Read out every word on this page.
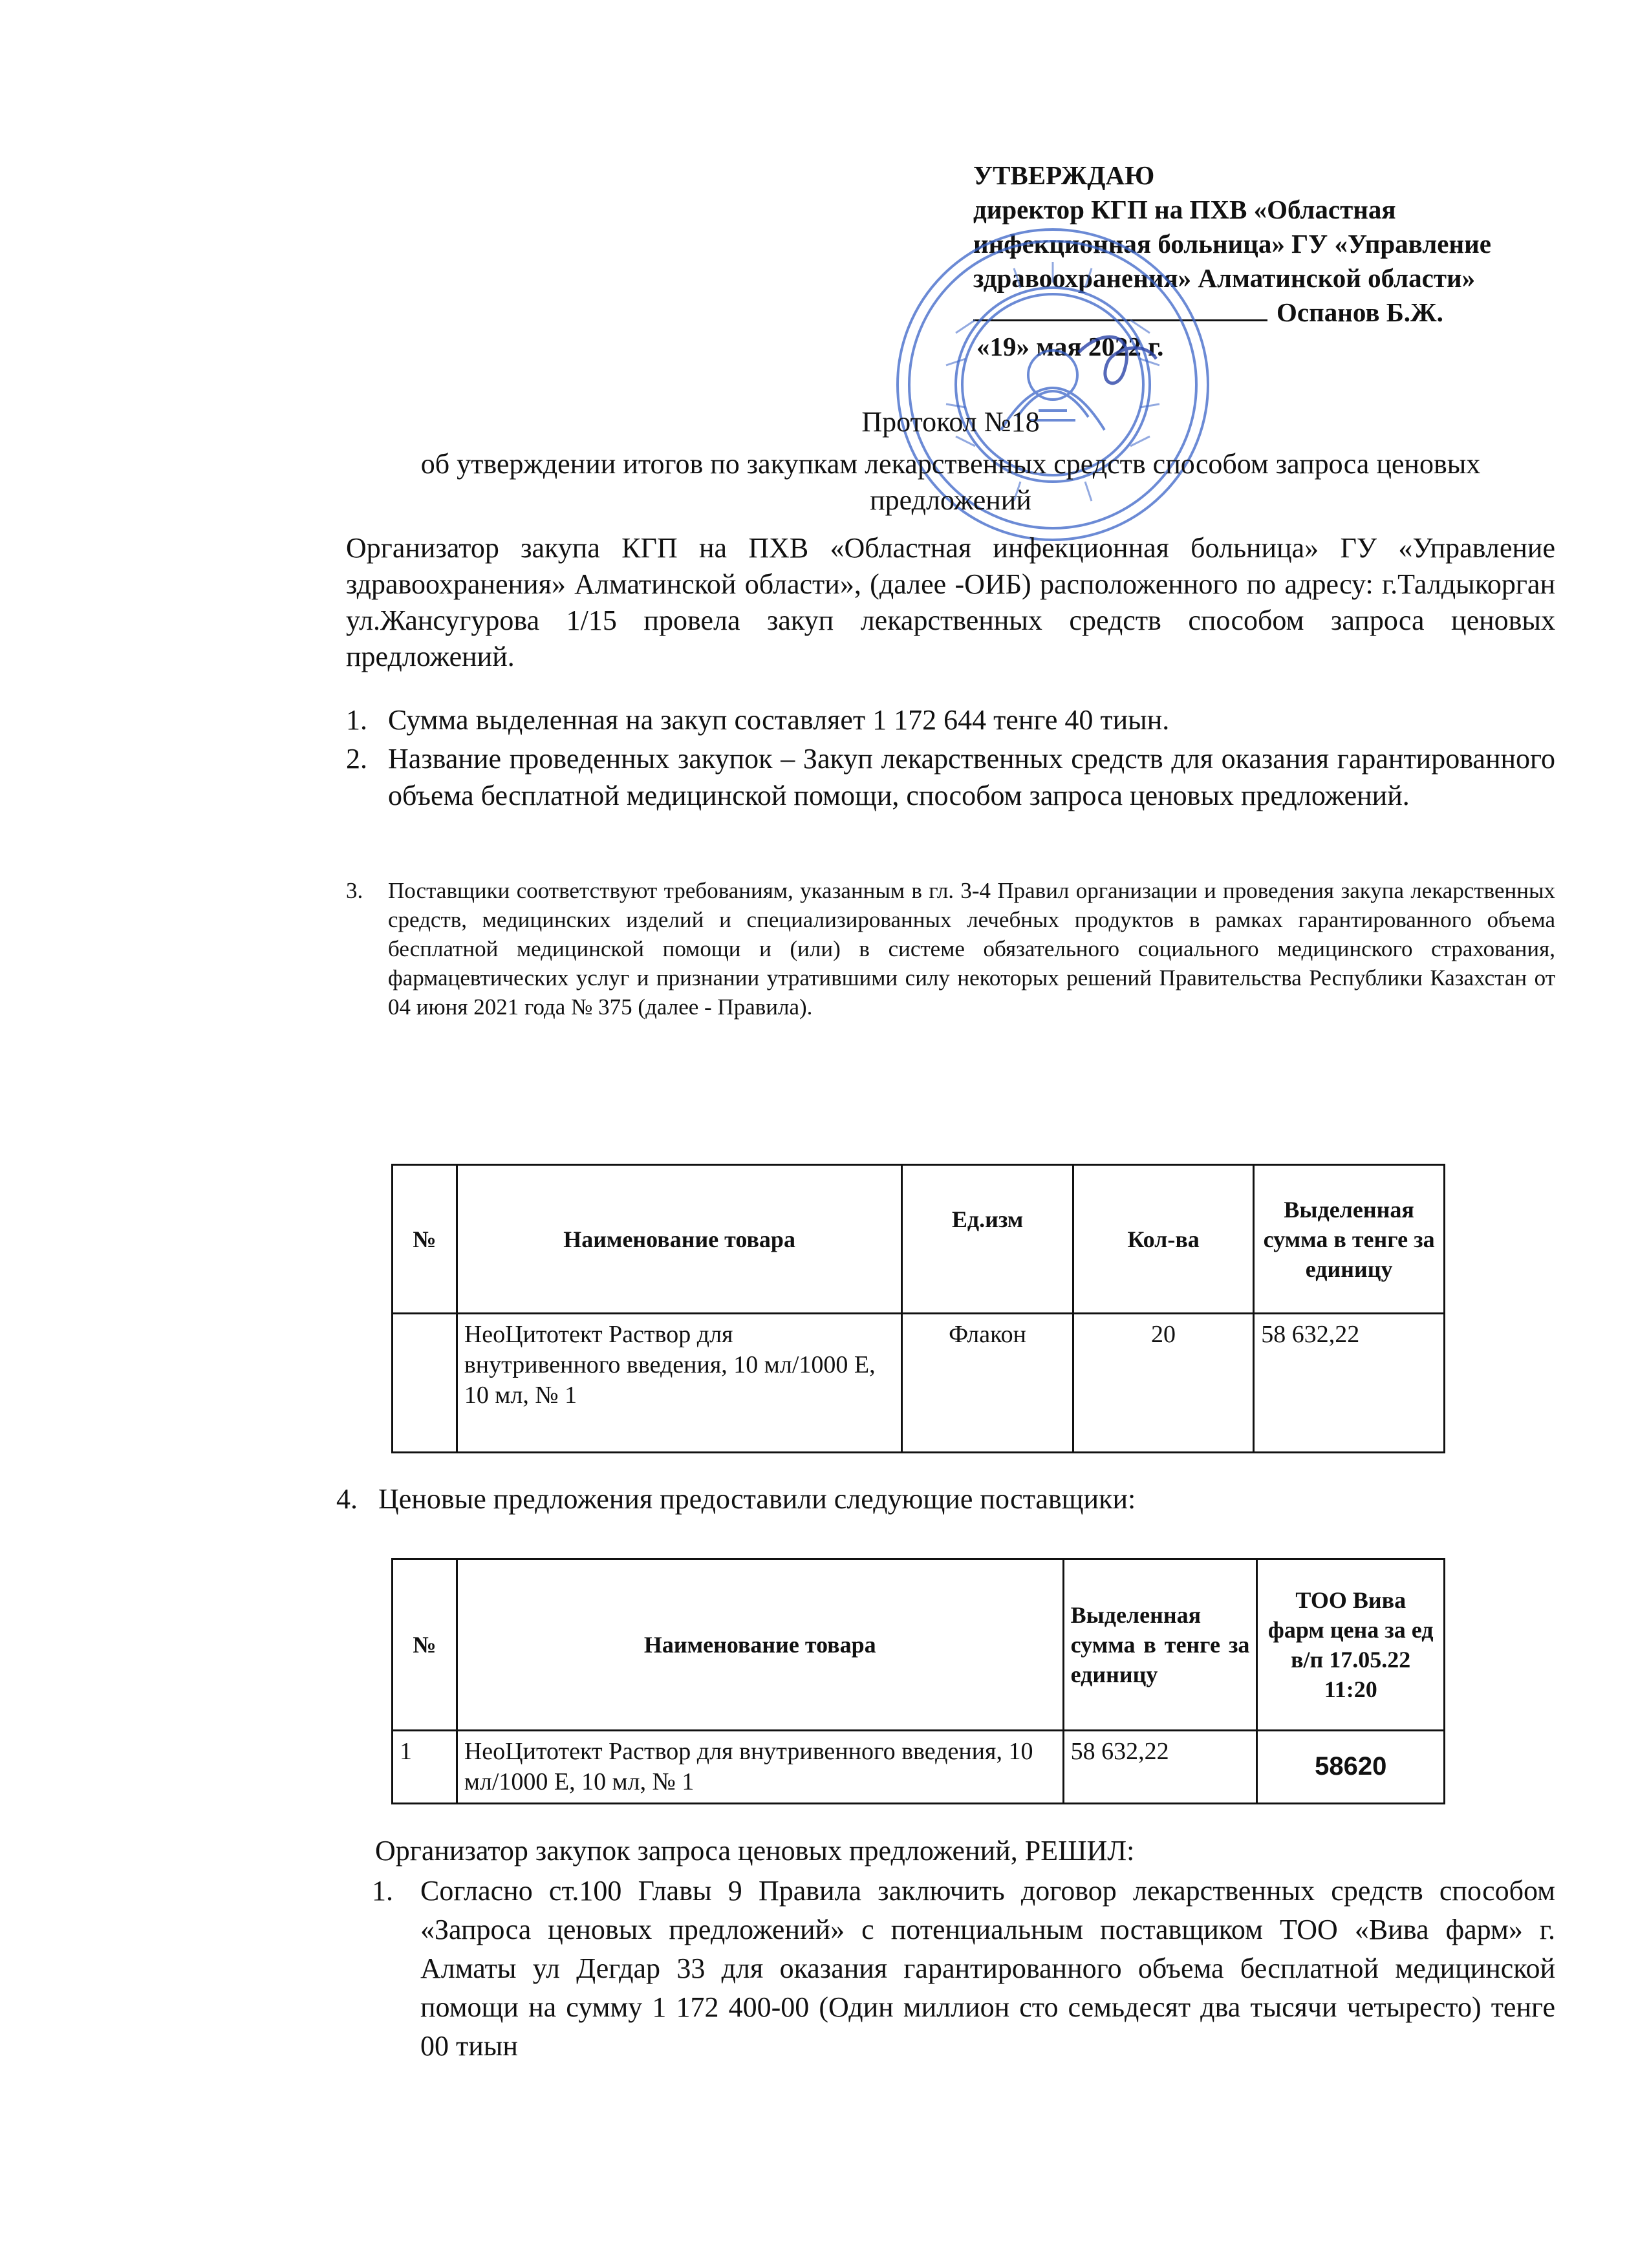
УТВЕРЖДАЮ
директор КГП на ПХВ «Областная
инфекционная больница» ГУ «Управление
здравоохранения» Алматинской области»
Оспанов Б.Ж.
«19» мая 2022 г.
Протокол №18
об утверждении итогов по закупкам лекарственных средств способом запроса ценовых
предложений
Организатор закупа КГП на ПХВ «Областная инфекционная больница» ГУ «Управление здравоохранения» Алматинской области», (далее -ОИБ) расположенного по адресу: г.Талдыкорган ул.Жансугурова 1/15 провела закуп лекарственных средств способом запроса ценовых предложений.
1. Сумма выделенная на закуп составляет 1 172 644 тенге 40 тиын.
2. Название проведенных закупок – Закуп лекарственных средств для оказания гарантированного объема бесплатной медицинской помощи, способом запроса ценовых предложений.
3. Поставщики соответствуют требованиям, указанным в гл. 3-4 Правил организации и проведения закупа лекарственных средств, медицинских изделий и специализированных лечебных продуктов в рамках гарантированного объема бесплатной медицинской помощи и (или) в системе обязательного социального медицинского страхования, фармацевтических услуг и признании утратившими силу некоторых решений Правительства Республики Казахстан от 04 июня 2021 года № 375 (далее - Правила).
№	Наименование товара	Ед.изм	Кол-ва	Выделенная сумма в тенге за единицу
	НеоЦитотект Раствор для внутривенного введения, 10 мл/1000 Е, 10 мл, № 1	Флакон	20	58 632,22
4. Ценовые предложения предоставили следующие поставщики:
№	Наименование товара	Выделенная сумма в тенге за единицу	ТОО Вива фарм цена за ед в/п 17.05.22 11:20
1	НеоЦитотект Раствор для внутривенного введения, 10 мл/1000 Е, 10 мл, № 1	58 632,22	58620
Организатор закупок запроса ценовых предложений, РЕШИЛ:
1. Согласно ст.100 Главы 9 Правила заключить договор лекарственных средств способом «Запроса ценовых предложений» с потенциальным поставщиком ТОО «Вива фарм» г. Алматы ул Дегдар 33 для оказания гарантированного объема бесплатной медицинской помощи на сумму 1 172 400-00 (Один миллион сто семьдесят два тысячи четыресто) тенге 00 тиын
